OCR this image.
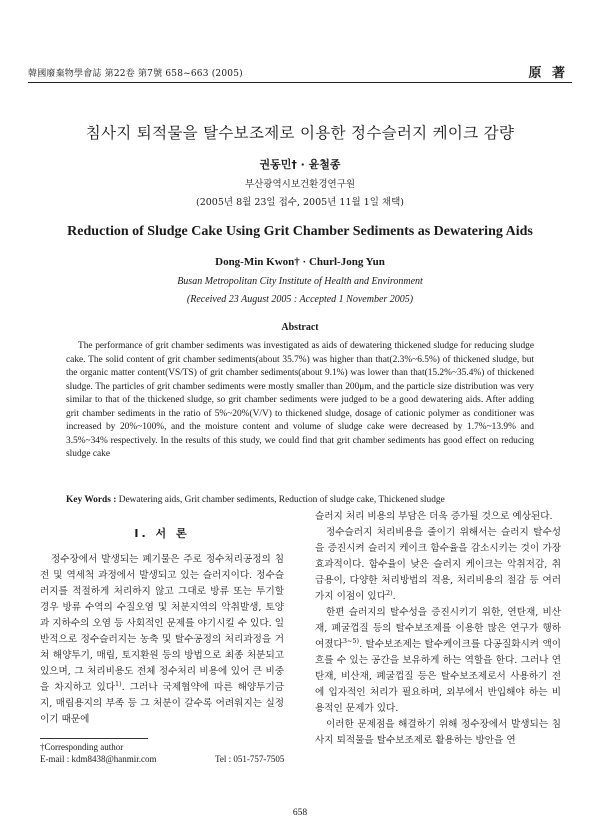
韓國廢棄物學會誌 第22卷 第7號 658~663 (2005)	原 著
침사지 퇴적물을 탈수보조제로 이용한 정수슬러지 케이크 감량
권동민† · 윤철종
부산광역시보건환경연구원
(2005년 8월 23일 접수, 2005년 11월 1일 채택)
Reduction of Sludge Cake Using Grit Chamber Sediments as Dewatering Aids
Dong-Min Kwon† · Churl-Jong Yun
Busan Metropolitan City Institute of Health and Environment
(Received 23 August 2005 : Accepted 1 November 2005)
Abstract

The performance of grit chamber sediments was investigated as aids of dewatering thickened sludge for reducing sludge cake. The solid content of grit chamber sediments(about 35.7%) was higher than that(2.3%~6.5%) of thickened sludge, but the organic matter content(VS/TS) of grit chamber sediments(about 9.1%) was lower than that(15.2%~35.4%) of thickened sludge. The particles of grit chamber sediments were mostly smaller than 200μm, and the particle size distribution was very similar to that of the thickened sludge, so grit chamber sediments were judged to be a good dewatering aids. After adding grit chamber sediments in the ratio of 5%~20%(V/V) to thickened sludge, dosage of cationic polymer as conditioner was increased by 20%~100%, and the moisture content and volume of sludge cake were decreased by 1.7%~13.9% and 3.5%~34% respectively. In the results of this study, we could find that grit chamber sediments has good effect on reducing sludge cake

Key Words : Dewatering aids, Grit chamber sediments, Reduction of sludge cake, Thickened sludge
I. 서 론

정수장에서 발생되는 폐기물은 주로 정수처리공정의 침전 및 역세척 과정에서 발생되고 있는 슬러지이다. 정수슬러지를 적절하게 처리하지 않고 그대로 방류 또는 투기할 경우 방류 수역의 수질오염 및 처분지역의 악취발생, 토양과 지하수의 오염 등 사회적인 문제를 야기시킬 수 있다. 일반적으로 정수슬러지는 농축 및 탈수공정의 처리과정을 거쳐 해양투기, 매립, 토지환원 등의 방법으로 최종 처분되고 있으며, 그 처리비용도 전체 정수처리 비용에 있어 큰 비중을 차지하고 있다$^{1)}$. 그러나 국제협약에 따른 해양투기금지, 매립용지의 부족 등 그 처분이 갈수록 어려워지는 실정이기 때문에

슬러지 처리 비용의 부담은 더욱 증가될 것으로 예상된다.

정수슬러지 처리비용을 줄이기 위해서는 슬러지 탈수성을 증진시켜 슬러지 케이크 함수율을 감소시키는 것이 가장 효과적이다. 함수율이 낮은 슬러지 케이크는 악취저감, 취급용이, 다양한 처리방법의 적용, 처리비용의 절감 등 여러 가지 이점이 있다$^{2)}$.

한편 슬러지의 탈수성을 증진시키기 위한, 연탄재, 비산재, 폐굴껍질 등의 탈수보조제를 이용한 많은 연구가 행하여졌다$^{3\sim 5)}$. 탈수보조제는 탈수케이크를 다공질화시켜 액이 흐를 수 있는 공간을 보유하게 하는 역할을 한다. 그러나 연탄재, 비산재, 폐굴껍질 등은 탈수보조제로서 사용하기 전에 입자적인 처리가 필요하며, 외부에서 반입해야 하는 비용적인 문제가 있다.

이러한 문제점을 해결하기 위해 정수장에서 발생되는 침사지 퇴적물을 탈수보조제로 활용하는 방안을 연

†Corresponding author
E-mail : kdm8438@hanmir.com	Tel : 051-757-7505
658
